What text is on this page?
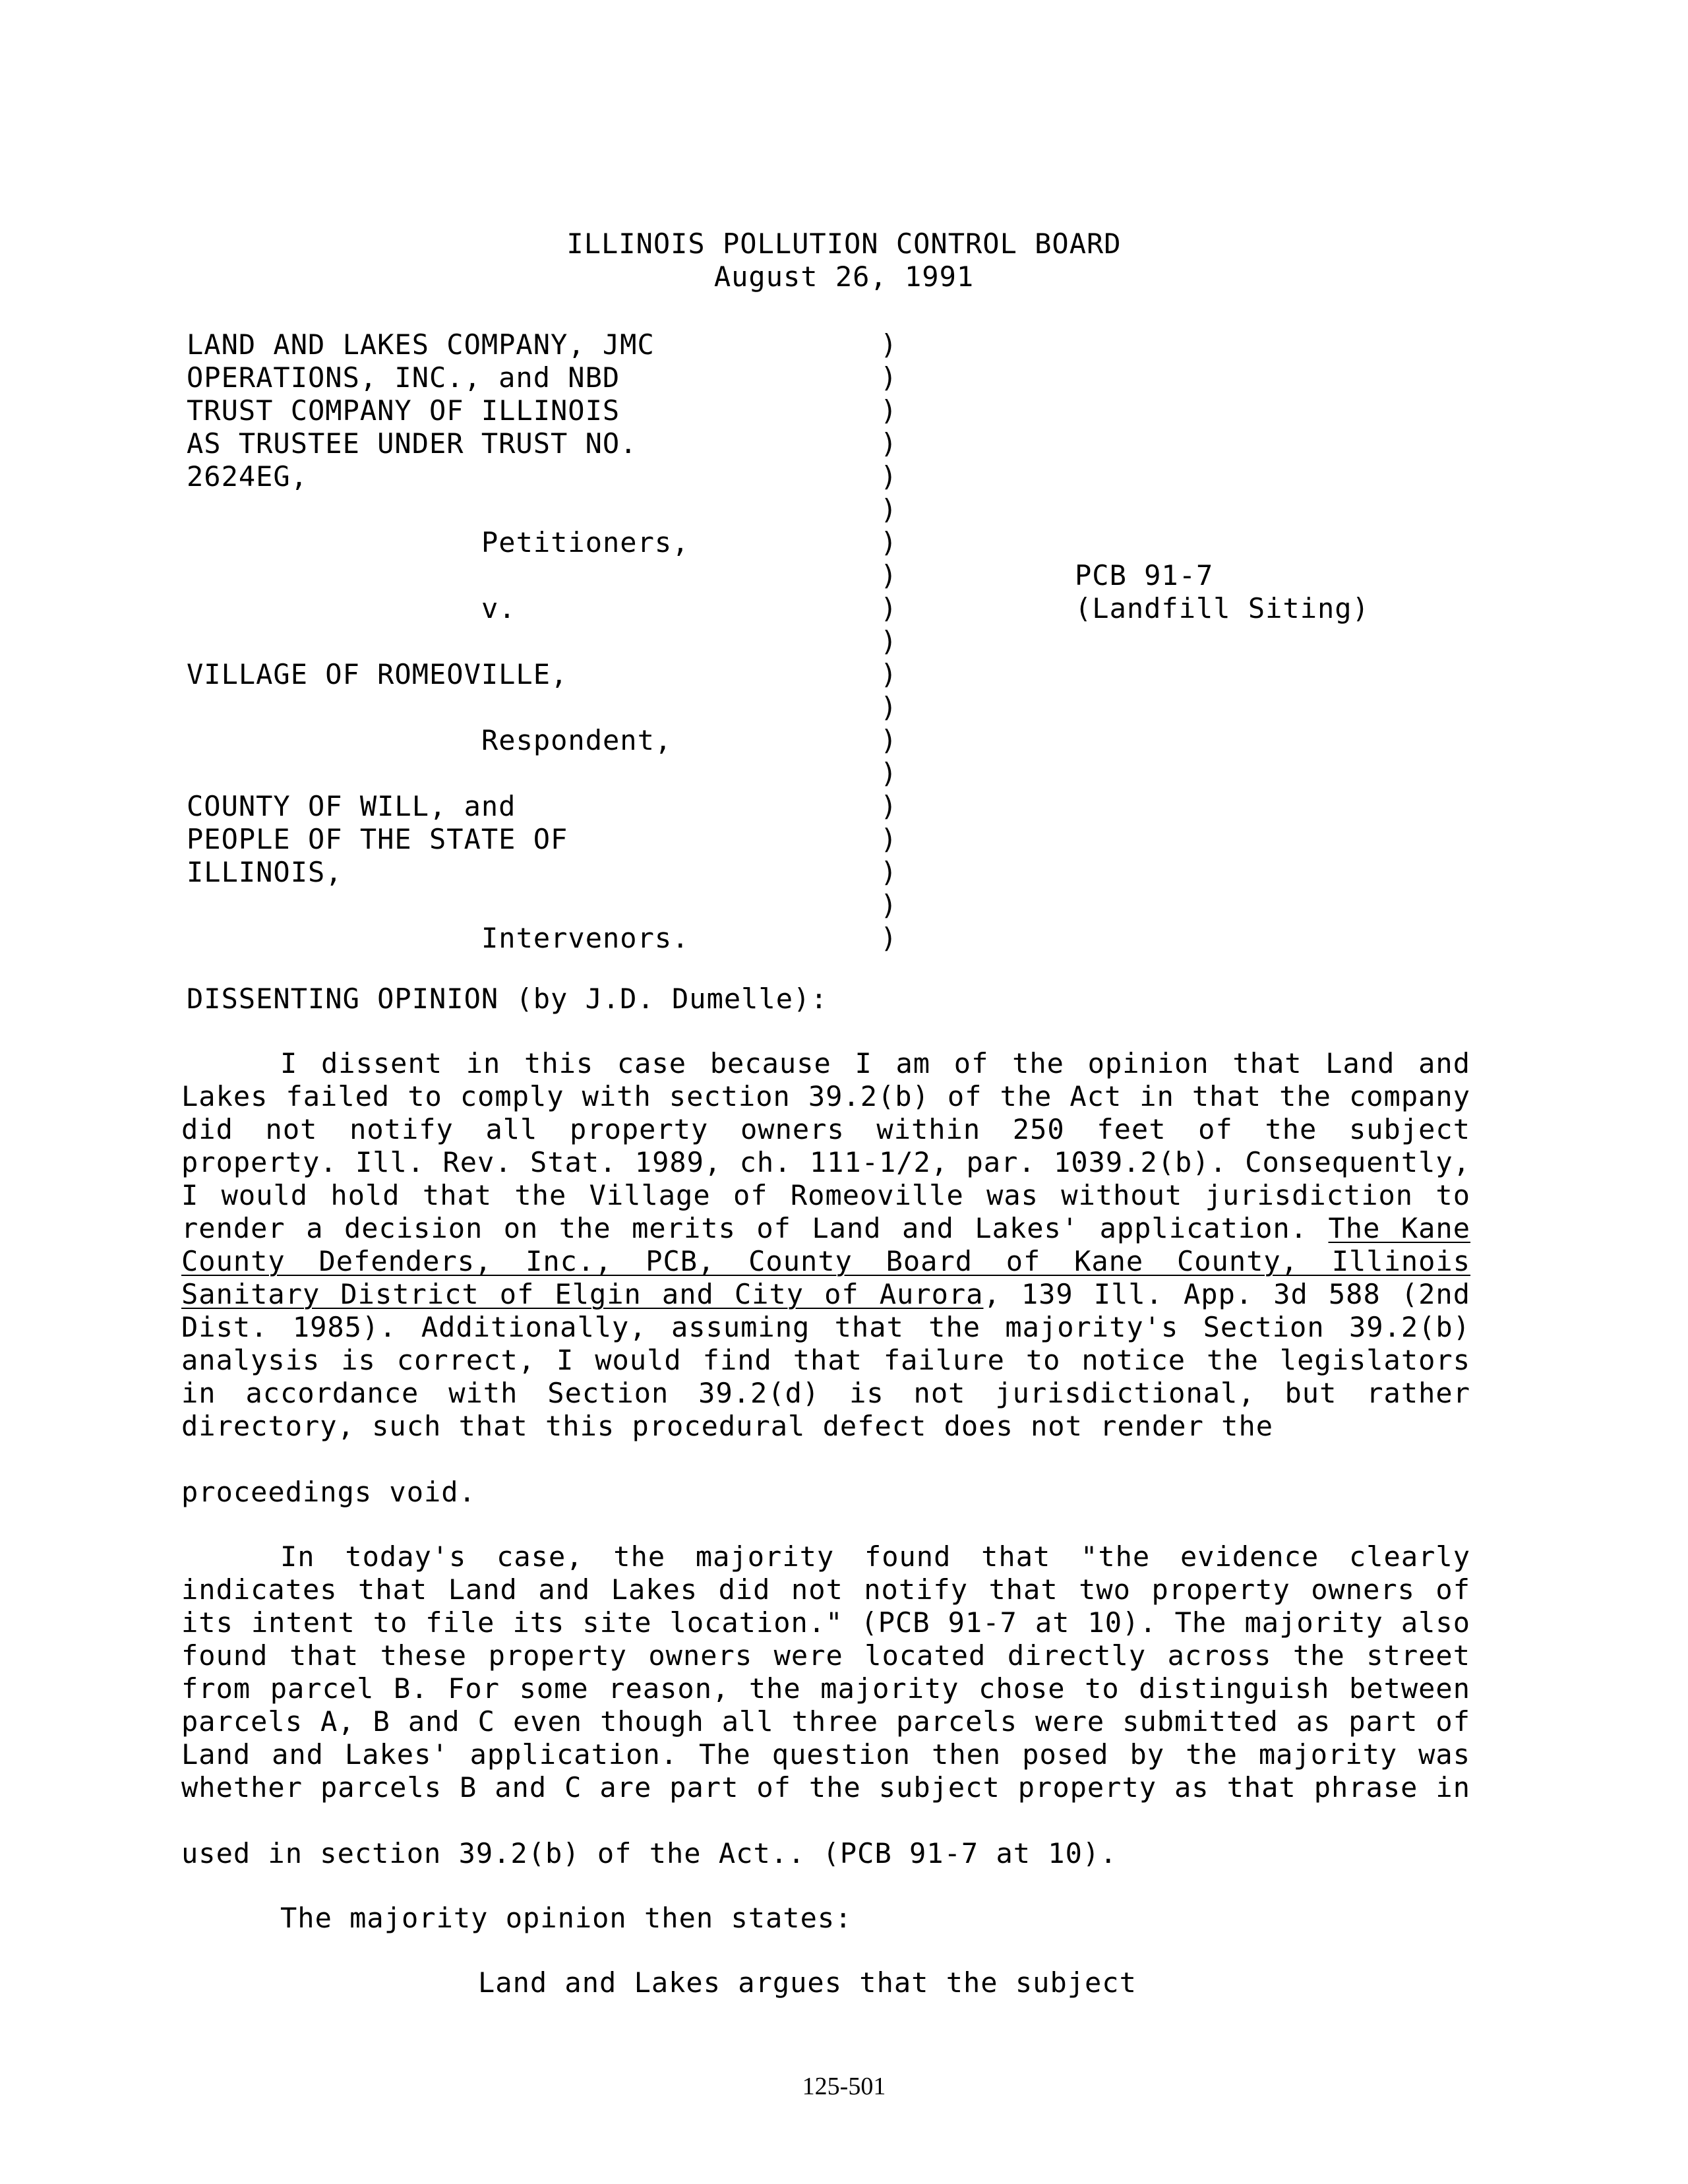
ILLINOIS POLLUTION CONTROL BOARD
August 26, 1991
LAND AND LAKES COMPANY, JMC
OPERATIONS, INC., and NBD
TRUST COMPANY OF ILLINOIS
AS TRUSTEE UNDER TRUST NO.
2624EG,
Petitioners,
v.
VILLAGE OF ROMEOVILLE,
Respondent,
COUNTY OF WILL, and
PEOPLE OF THE STATE OF
ILLINOIS,
Intervenors.
)
)
)
)
)
)
)
)
)
)
)
)
)
)
)
)
)
)
)
PCB 91-7
(Landfill Siting)
DISSENTING OPINION (by J.D. Dumelle):
I dissent in this case because I am of the opinion that Land and Lakes failed to comply with section 39.2(b) of the Act in that the company did not notify all property owners within 250 feet of the subject property. Ill. Rev. Stat. 1989, ch. 111-1/2, par. 1039.2(b). Consequently, I would hold that the Village of Romeoville was without jurisdiction to render a decision on the merits of Land and Lakes' application. The Kane County Defenders, Inc., PCB, County Board of Kane County, Illinois Sanitary District of Elgin and City of Aurora, 139 Ill. App. 3d 588 (2nd Dist. 1985). Additionally, assuming that the majority's Section 39.2(b) analysis is correct, I would find that failure to notice the legislators in accordance with Section 39.2(d) is not jurisdictional, but rather directory, such that this procedural defect does not render the
proceedings void.
In today's case, the majority found that "the evidence clearly indicates that Land and Lakes did not notify that two property owners of its intent to file its site location." (PCB 91-7 at 10). The majority also found that these property owners were located directly across the street from parcel B. For some reason, the majority chose to distinguish between parcels A, B and C even though all three parcels were submitted as part of Land and Lakes' application. The question then posed by the majority was whether parcels B and C are part of the subject property as that phrase in
used in section 39.2(b) of the Act.. (PCB 91-7 at 10).
The majority opinion then states:
Land and Lakes argues that the subject
125-501
